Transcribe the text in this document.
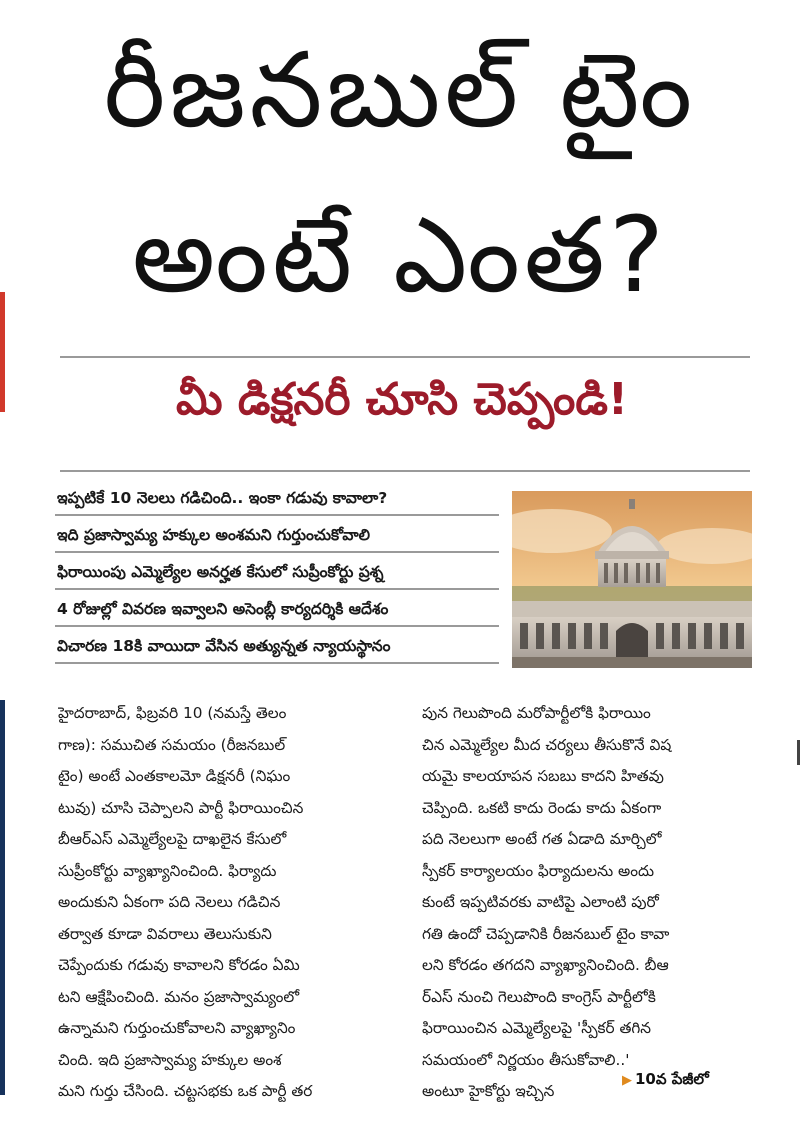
రీజనబుల్ టైం
అంటే ఎంత?
మీ డిక్షనరీ చూసి చెప్పండి!
ఇప్పటికే 10 నెలలు గడిచింది.. ఇంకా గడువు కావాలా?
ఇది ప్రజాస్వామ్య హక్కుల అంశమని గుర్తుంచుకోవాలి
ఫిరాయింపు ఎమ్మెల్యేల అనర్హత కేసులో సుప్రీంకోర్టు ప్రశ్న
4 రోజుల్లో వివరణ ఇవ్వాలని అసెంబ్లీ కార్యదర్శికి ఆదేశం
విచారణ 18కి వాయిదా వేసిన అత్యున్నత న్యాయస్థానం
హైదరాబాద్, ఫిబ్రవరి 10 (నమస్తే తెలం
గాణ): సముచిత సమయం (రీజనబుల్
టైం) అంటే ఎంతకాలమో డిక్షనరీ (నిఘం
టువు) చూసి చెప్పాలని పార్టీ ఫిరాయించిన
బీఆర్ఎస్ ఎమ్మెల్యేలపై దాఖలైన కేసులో
సుప్రీంకోర్టు వ్యాఖ్యానించింది. ఫిర్యాదు
అందుకుని ఏకంగా పది నెలలు గడిచిన
తర్వాత కూడా వివరాలు తెలుసుకుని
చెప్పేందుకు గడువు కావాలని కోరడం ఏమి
టని ఆక్షేపించింది. మనం ప్రజాస్వామ్యంలో
ఉన్నామని గుర్తుంచుకోవాలని వ్యాఖ్యానిం
చింది. ఇది ప్రజాస్వామ్య హక్కుల అంశ
మని గుర్తు చేసింది. చట్టసభకు ఒక పార్టీ తర
పున గెలుపొంది మరోపార్టీలోకి ఫిరాయిం
చిన ఎమ్మెల్యేల మీద చర్యలు తీసుకొనే విష
యమై కాలయాపన సబబు కాదని హితవు
చెప్పింది. ఒకటి కాదు రెండు కాదు ఏకంగా
పది నెలలుగా అంటే గత ఏడాది మార్చిలో
స్పీకర్ కార్యాలయం ఫిర్యాదులను అందు
కుంటే ఇప్పటివరకు వాటిపై ఎలాంటి పురో
గతి ఉందో చెప్పడానికి రీజనబుల్ టైం కావా
లని కోరడం తగదని వ్యాఖ్యానించింది. బీఆ
ర్ఎస్ నుంచి గెలుపొంది కాంగ్రెస్ పార్టీలోకి
ఫిరాయించిన ఎమ్మెల్యేలపై 'స్పీకర్ తగిన
సమయంలో నిర్ణయం తీసుకోవాలి..'
అంటూ హైకోర్టు ఇచ్చిన
▶ 10వ పేజీలో
